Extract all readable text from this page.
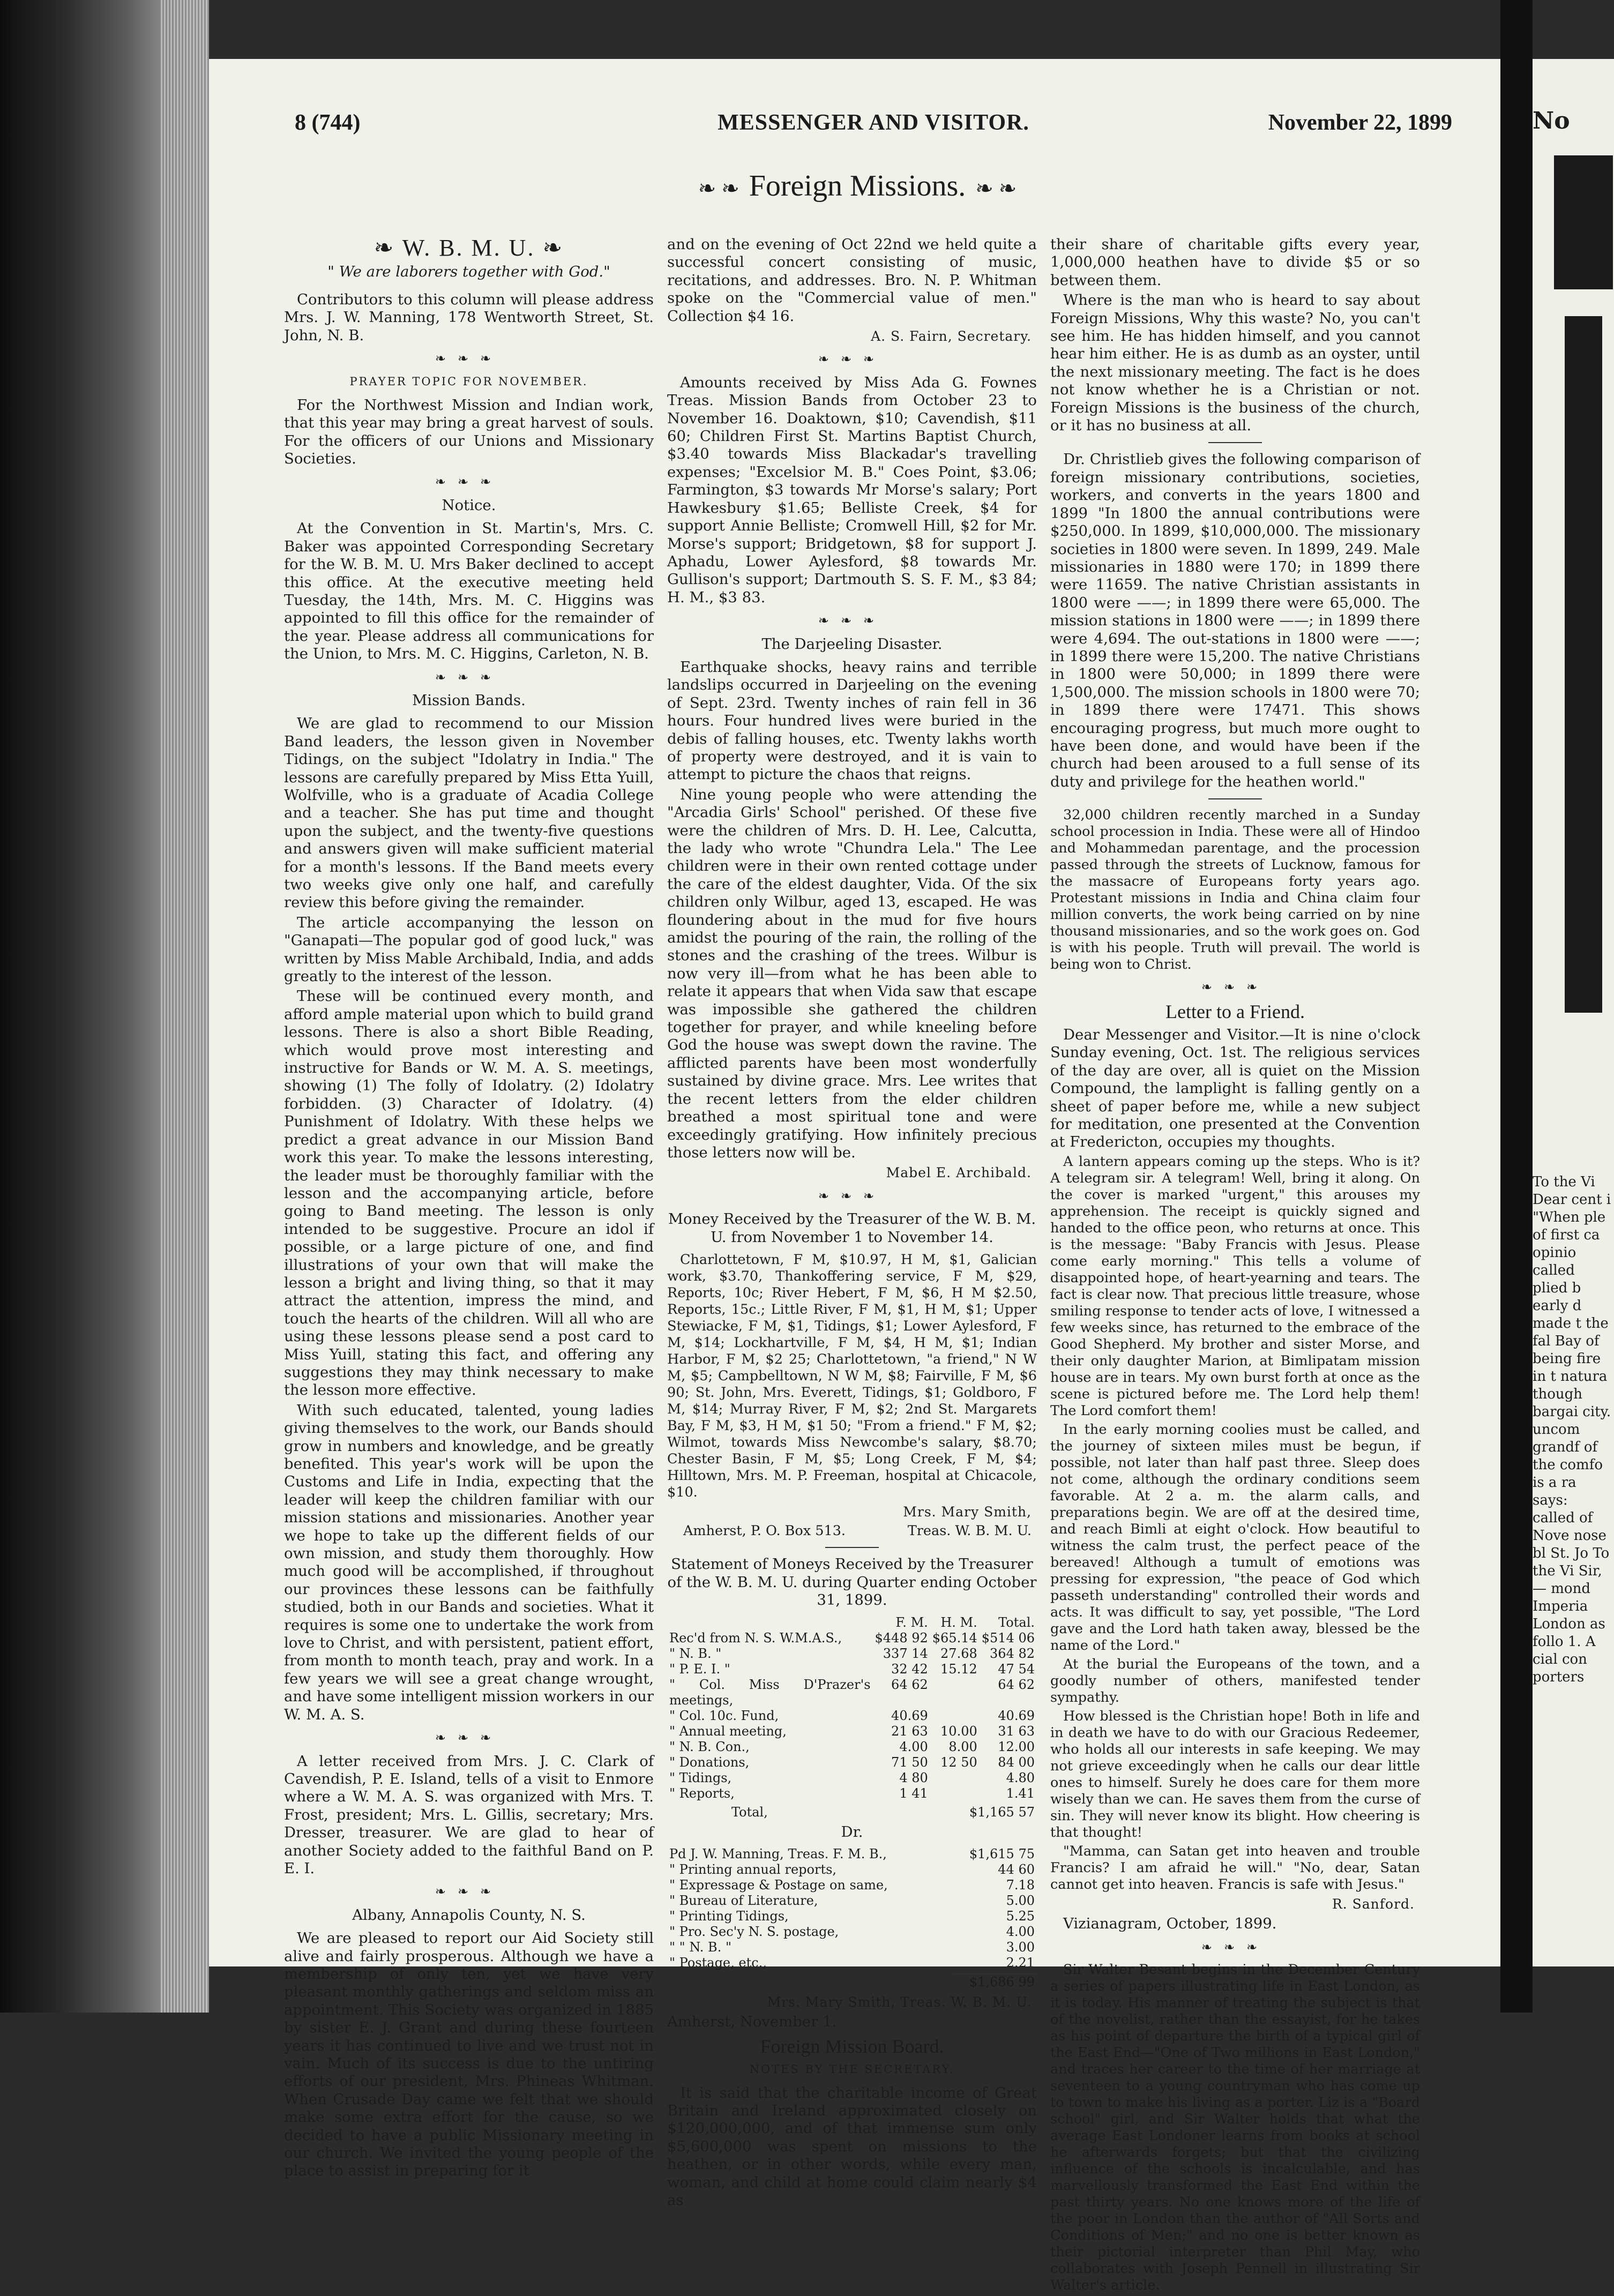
8 (744)	MESSENGER AND VISITOR.	November 22, 1899
❧ ❧ Foreign Missions. ❧ ❧
❧ W. B. M. U. ❧
" We are laborers together with God."

Contributors to this column will please address Mrs. J. W. Manning, 178 Wentworth Street, St. John, N. B.

❧❧❧
PRAYER TOPIC FOR NOVEMBER.

For the Northwest Mission and Indian work, that this year may bring a great harvest of souls. For the officers of our Unions and Missionary Societies.

❧❧❧
Notice.

At the Convention in St. Martin's, Mrs. C. Baker was appointed Corresponding Secretary for the W. B. M. U. Mrs Baker declined to accept this office. At the executive meeting held Tuesday, the 14th, Mrs. M. C. Higgins was appointed to fill this office for the remainder of the year. Please address all communications for the Union, to Mrs. M. C. Higgins, Carleton, N. B.

❧❧❧
Mission Bands.

We are glad to recommend to our Mission Band leaders, the lesson given in November Tidings, on the subject "Idolatry in India." The lessons are carefully prepared by Miss Etta Yuill, Wolfville, who is a graduate of Acadia College and a teacher. She has put time and thought upon the subject, and the twenty-five questions and answers given will make sufficient material for a month's lessons. If the Band meets every two weeks give only one half, and carefully review this before giving the remainder.

The article accompanying the lesson on "Ganapati—The popular god of good luck," was written by Miss Mable Archibald, India, and adds greatly to the interest of the lesson.

These will be continued every month, and afford ample material upon which to build grand lessons. There is also a short Bible Reading, which would prove most interesting and instructive for Bands or W. M. A. S. meetings, showing (1) The folly of Idolatry. (2) Idolatry forbidden. (3) Character of Idolatry. (4) Punishment of Idolatry. With these helps we predict a great advance in our Mission Band work this year. To make the lessons interesting, the leader must be thoroughly familiar with the lesson and the accompanying article, before going to Band meeting. The lesson is only intended to be suggestive. Procure an idol if possible, or a large picture of one, and find illustrations of your own that will make the lesson a bright and living thing, so that it may attract the attention, impress the mind, and touch the hearts of the children. Will all who are using these lessons please send a post card to Miss Yuill, stating this fact, and offering any suggestions they may think necessary to make the lesson more effective.

With such educated, talented, young ladies giving themselves to the work, our Bands should grow in numbers and knowledge, and be greatly benefited. This year's work will be upon the Customs and Life in India, expecting that the leader will keep the children familiar with our mission stations and missionaries. Another year we hope to take up the different fields of our own mission, and study them thoroughly. How much good will be accomplished, if throughout our provinces these lessons can be faithfully studied, both in our Bands and societies. What it requires is some one to undertake the work from love to Christ, and with persistent, patient effort, from month to month teach, pray and work. In a few years we will see a great change wrought, and have some intelligent mission workers in our W. M. A. S.

❧❧❧

A letter received from Mrs. J. C. Clark of Cavendish, P. E. Island, tells of a visit to Enmore where a W. M. A. S. was organized with Mrs. T. Frost, president; Mrs. L. Gillis, secretary; Mrs. Dresser, treasurer. We are glad to hear of another Society added to the faithful Band on P. E. I.

❧❧❧
Albany, Annapolis County, N. S.

We are pleased to report our Aid Society still alive and fairly prosperous. Although we have a membership of only ten, yet we have very pleasant monthly gatherings and seldom miss an appointment. This Society was organized in 1885 by sister E. J. Grant and during these fourteen years it has continued to live and we trust not in vain. Much of its success is due to the untiring efforts of our president, Mrs. Phineas Whitman. When Crusade Day came we felt that we should make some extra effort for the cause, so we decided to have a public Missionary meeting in our church. We invited the young people of the place to assist in preparing for it

and on the evening of Oct 22nd we held quite a successful concert consisting of music, recitations, and addresses. Bro. N. P. Whitman spoke on the "Commercial value of men." Collection $4 16.

A. S. Fairn, Secretary.
❧❧❧

Amounts received by Miss Ada G. Fownes Treas. Mission Bands from October 23 to November 16. Doaktown, $10; Cavendish, $11 60; Children First St. Martins Baptist Church, $3.40 towards Miss Blackadar's travelling expenses; "Excelsior M. B." Coes Point, $3.06; Farmington, $3 towards Mr Morse's salary; Port Hawkesbury $1.65; Belliste Creek, $4 for support Annie Belliste; Cromwell Hill, $2 for Mr. Morse's support; Bridgetown, $8 for support J. Aphadu, Lower Aylesford, $8 towards Mr. Gullison's support; Dartmouth S. S. F. M., $3 84; H. M., $3 83.

❧❧❧
The Darjeeling Disaster.

Earthquake shocks, heavy rains and terrible landslips occurred in Darjeeling on the evening of Sept. 23rd. Twenty inches of rain fell in 36 hours. Four hundred lives were buried in the debis of falling houses, etc. Twenty lakhs worth of property were destroyed, and it is vain to attempt to picture the chaos that reigns.

Nine young people who were attending the "Arcadia Girls' School" perished. Of these five were the children of Mrs. D. H. Lee, Calcutta, the lady who wrote "Chundra Lela." The Lee children were in their own rented cottage under the care of the eldest daughter, Vida. Of the six children only Wilbur, aged 13, escaped. He was floundering about in the mud for five hours amidst the pouring of the rain, the rolling of the stones and the crashing of the trees. Wilbur is now very ill—from what he has been able to relate it appears that when Vida saw that escape was impossible she gathered the children together for prayer, and while kneeling before God the house was swept down the ravine. The afflicted parents have been most wonderfully sustained by divine grace. Mrs. Lee writes that the recent letters from the elder children breathed a most spiritual tone and were exceedingly gratifying. How infinitely precious those letters now will be.

Mabel E. Archibald.
❧❧❧
Money Received by the Treasurer of the W. B. M. U. from November 1 to November 14.

Charlottetown, F M, $10.97, H M, $1, Galician work, $3.70, Thankoffering service, F M, $29, Reports, 10c; River Hebert, F M, $6, H M $2.50, Reports, 15c.; Little River, F M, $1, H M, $1; Upper Stewiacke, F M, $1, Tidings, $1; Lower Aylesford, F M, $14; Lockhartville, F M, $4, H M, $1; Indian Harbor, F M, $2 25; Charlottetown, "a friend," N W M, $5; Campbelltown, N W M, $8; Fairville, F M, $6 90; St. John, Mrs. Everett, Tidings, $1; Goldboro, F M, $14; Murray River, F M, $2; 2nd St. Margarets Bay, F M, $3, H M, $1 50; "From a friend." F M, $2; Wilmot, towards Miss Newcombe's salary, $8.70; Chester Basin, F M, $5; Long Creek, F M, $4; Hilltown, Mrs. M. P. Freeman, hospital at Chicacole, $10.

Mrs. Mary Smith,
Amherst, P. O. Box 513.	Treas. W. B. M. U.
Statement of Moneys Received by the Treasurer of the W. B. M. U. during Quarter ending October 31, 1899.
	F. M.	H. M.	Total.
Rec'd from N. S. W.M.A.S.,	$448 92	$65.14	$514 06
" N. B. "	337 14	27.68	364 82
" P. E. I. "	32 42	15.12	47 54
" Col. Miss D'Prazer's meetings,	64 62		64 62
" Col. 10c. Fund,	40.69		40.69
" Annual meeting,	21 63	10.00	31 63
" N. B. Con.,	4.00	8.00	12.00
" Donations,	71 50	12 50	84 00
" Tidings,	4 80		4.80
" Reports,	1 41		1.41
Total,	$1,165 57
Dr.
Pd J. W. Manning, Treas. F. M. B.,	$1,615 75
" Printing annual reports,	44 60
" Expressage & Postage on same,	7.18
" Bureau of Literature,	5.00
" Printing Tidings,	5.25
" Pro. Sec'y N. S. postage,	4.00
" " N. B. "	3.00
" Postage, etc.,	2.21
	$1,686 99
Mrs. Mary Smith, Treas. W. B. M. U.

Amherst, November 1.

Foreign Mission Board.
NOTES BY THE SECRETARY.

It is said that the charitable income of Great Britain and Ireland approximated closely on $120,000,000, and of that immense sum only $5,600,000 was spent on missions to the heathen, or in other words, while every man, woman, and child at home could claim nearly $4 as

their share of charitable gifts every year, 1,000,000 heathen have to divide $5 or so between them.

Where is the man who is heard to say about Foreign Missions, Why this waste? No, you can't see him. He has hidden himself, and you cannot hear him either. He is as dumb as an oyster, until the next missionary meeting. The fact is he does not know whether he is a Christian or not. Foreign Missions is the business of the church, or it has no business at all.

Dr. Christlieb gives the following comparison of foreign missionary contributions, societies, workers, and converts in the years 1800 and 1899 "In 1800 the annual contributions were $250,000. In 1899, $10,000,000. The missionary societies in 1800 were seven. In 1899, 249. Male missionaries in 1880 were 170; in 1899 there were 11659. The native Christian assistants in 1800 were ——; in 1899 there were 65,000. The mission stations in 1800 were ——; in 1899 there were 4,694. The out-stations in 1800 were ——; in 1899 there were 15,200. The native Christians in 1800 were 50,000; in 1899 there were 1,500,000. The mission schools in 1800 were 70; in 1899 there were 17471. This shows encouraging progress, but much more ought to have been done, and would have been if the church had been aroused to a full sense of its duty and privilege for the heathen world."

32,000 children recently marched in a Sunday school procession in India. These were all of Hindoo and Mohammedan parentage, and the procession passed through the streets of Lucknow, famous for the massacre of Europeans forty years ago. Protestant missions in India and China claim four million converts, the work being carried on by nine thousand missionaries, and so the work goes on. God is with his people. Truth will prevail. The world is being won to Christ.

❧❧❧
Letter to a Friend.

Dear Messenger and Visitor.—It is nine o'clock Sunday evening, Oct. 1st. The religious services of the day are over, all is quiet on the Mission Compound, the lamplight is falling gently on a sheet of paper before me, while a new subject for meditation, one presented at the Convention at Fredericton, occupies my thoughts.

A lantern appears coming up the steps. Who is it? A telegram sir. A telegram! Well, bring it along. On the cover is marked "urgent," this arouses my apprehension. The receipt is quickly signed and handed to the office peon, who returns at once. This is the message: "Baby Francis with Jesus. Please come early morning." This tells a volume of disappointed hope, of heart-yearning and tears. The fact is clear now. That precious little treasure, whose smiling response to tender acts of love, I witnessed a few weeks since, has returned to the embrace of the Good Shepherd. My brother and sister Morse, and their only daughter Marion, at Bimlipatam mission house are in tears. My own burst forth at once as the scene is pictured before me. The Lord help them! The Lord comfort them!

In the early morning coolies must be called, and the journey of sixteen miles must be begun, if possible, not later than half past three. Sleep does not come, although the ordinary conditions seem favorable. At 2 a. m. the alarm calls, and preparations begin. We are off at the desired time, and reach Bimli at eight o'clock. How beautiful to witness the calm trust, the perfect peace of the bereaved! Although a tumult of emotions was pressing for expression, "the peace of God which passeth understanding" controlled their words and acts. It was difficult to say, yet possible, "The Lord gave and the Lord hath taken away, blessed be the name of the Lord."

At the burial the Europeans of the town, and a goodly number of others, manifested tender sympathy.

How blessed is the Christian hope! Both in life and in death we have to do with our Gracious Redeemer, who holds all our interests in safe keeping. We may not grieve exceedingly when he calls our dear little ones to himself. Surely he does care for them more wisely than we can. He saves them from the curse of sin. They will never know its blight. How cheering is that thought!

"Mamma, can Satan get into heaven and trouble Francis? I am afraid he will." "No, dear, Satan cannot get into heaven. Francis is safe with Jesus."

R. Sanford.

Vizianagram, October, 1899.

❧❧❧

Sir Walter Besant begins in the December Century a series of papers illustrating life in East London, as it is today. His manner of treating the subject is that of the novelist, rather than the essayist, for he takes as his point of departure the birth of a typical girl of the East End—"One of Two millions in East London," and traces her career to the time of her marriage at seventeen to a young countryman who has come up to town to make his living as a porter. Liz is a "Board school" girl, and Sir Walter holds that what the average East Londoner learns from books at school he afterwards forgets; but that the civilizing influence of the schools is incalculable, and has marvellously transformed the East End within the past thirty years. No one knows more of the life of the poor in London than the author of "All Sorts and Conditions of Men;" and no one is better known as their pictorial interpreter than Phil May, who collaborates with Joseph Pennell in illustrating Sir Walter's article.

No
To the Vi Dear cent i "When ple of first ca opinio called plied b early d made t the fal Bay of being fire in t natura though bargai city. uncom grandf of the comfo is a ra says: called of Nove nose bl St. Jo To the Vi Sir,— mond Imperia London as follo 1. A cial con porters
